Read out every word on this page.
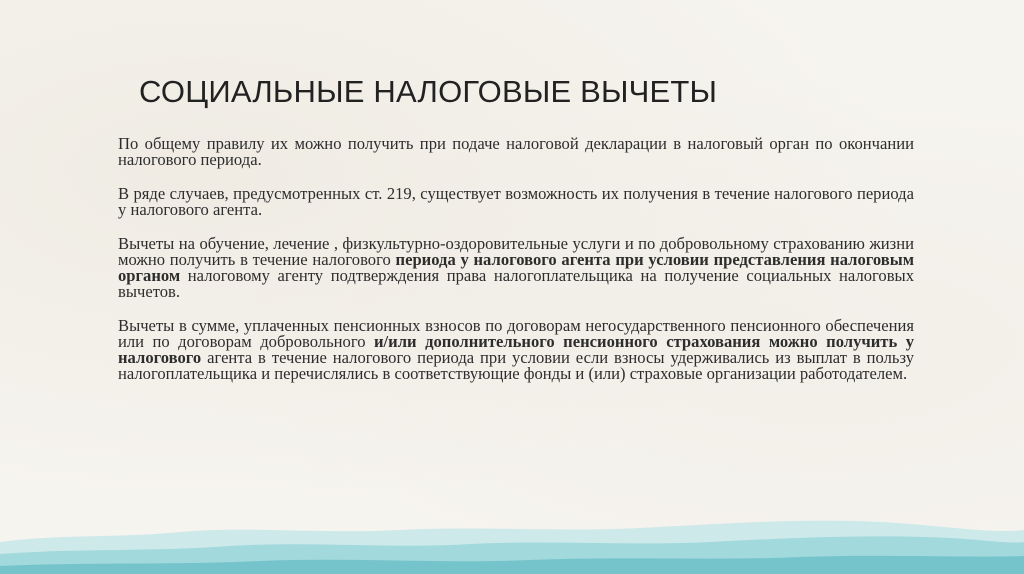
СОЦИАЛЬНЫЕ НАЛОГОВЫЕ ВЫЧЕТЫ

По общему правилу их можно получить при подаче налоговой декларации в налоговый орган по окончании налогового периода.

В ряде случаев, предусмотренных ст. 219, существует возможность их получения в течение налогового периода у налогового агента.

Вычеты на обучение, лечение , физкультурно-оздоровительные услуги и по добровольному страхованию жизни можно получить в течение налогового периода у налогового агента при условии представления налоговым органом налоговому агенту подтверждения права налогоплательщика на получение социальных налоговых вычетов.

Вычеты в сумме, уплаченных пенсионных взносов по договорам негосударственного пенсионного обеспечения или по договорам добровольного и/или дополнительного пенсионного страхования можно получить у налогового агента в течение налогового периода при условии если взносы удерживались из выплат в пользу налогоплательщика и перечислялись в соответствующие фонды и (или) страховые организации работодателем.
